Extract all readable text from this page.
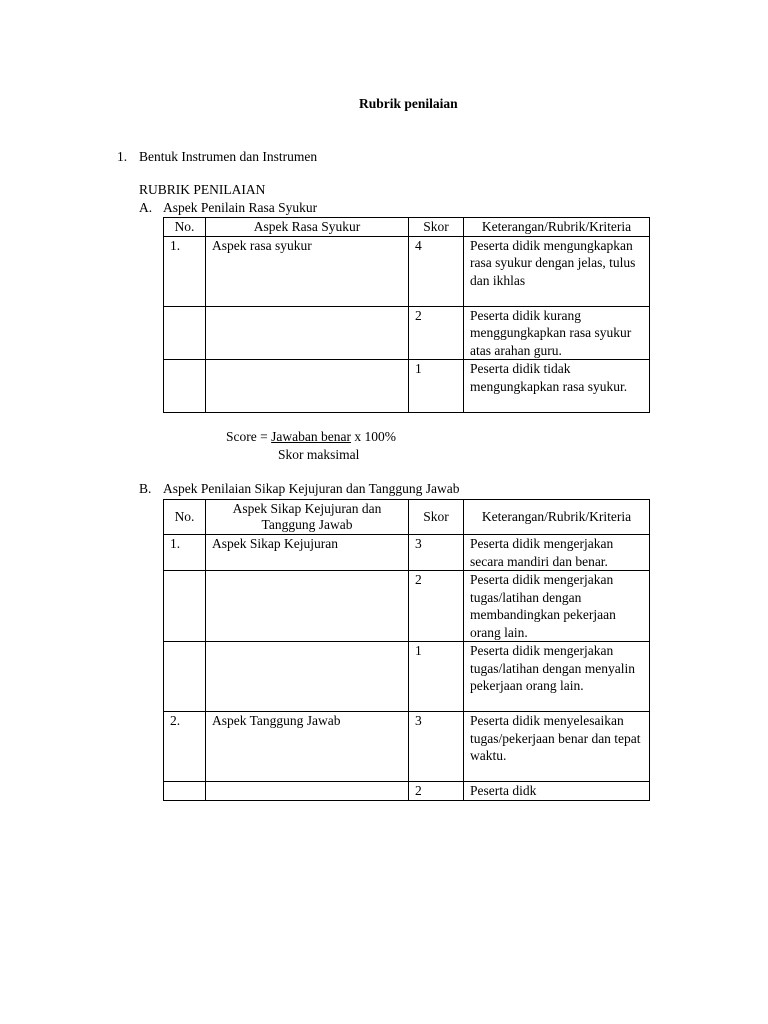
Rubrik penilaian
1. Bentuk Instrumen dan Instrumen
RUBRIK PENILAIAN
A. Aspek Penilain Rasa Syukur
No.	Aspek Rasa Syukur	Skor	Keterangan/Rubrik/Kriteria
1.	Aspek rasa syukur	4	Peserta didik mengungkapkan rasa syukur dengan jelas, tulus dan ikhlas
		2	Peserta didik kurang menggungkapkan rasa syukur atas arahan guru.
		1	Peserta didik tidak mengungkapkan rasa syukur.
Score = Jawaban benar x 100%
Skor maksimal
B. Aspek Penilaian Sikap Kejujuran dan Tanggung Jawab
No.	Aspek Sikap Kejujuran dan Tanggung Jawab	Skor	Keterangan/Rubrik/Kriteria
1.	Aspek Sikap Kejujuran	3	Peserta didik mengerjakan secara mandiri dan benar.
		2	Peserta didik mengerjakan tugas/latihan dengan membandingkan pekerjaan orang lain.
		1	Peserta didik mengerjakan tugas/latihan dengan menyalin pekerjaan orang lain.
2.	Aspek Tanggung Jawab	3	Peserta didik menyelesaikan tugas/pekerjaan benar dan tepat waktu.
		2	Peserta didk
